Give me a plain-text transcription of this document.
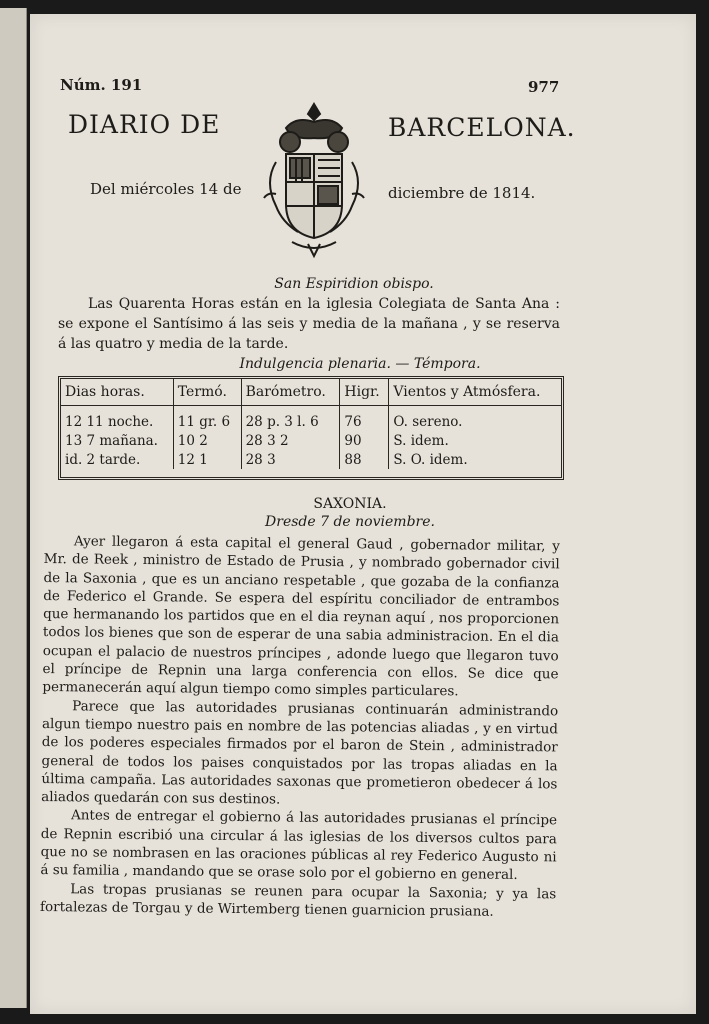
Núm. 191	977
DIARIO DE	BARCELONA.
Del miércoles 14 de	diciembre de 1814.
San Espiridion obispo.
Las Quarenta Horas están en la iglesia Colegiata de Santa Ana : se expone el Santísimo á las seis y media de la mañana , y se reserva á las quatro y media de la tarde.
Indulgencia plenaria. — Témpora.
Dias horas.	Termó.	Barómetro.	Higr.	Vientos y Atmósfera.
12 11 noche.	11 gr. 6	28 p. 3 l. 6	76	O. sereno.
13 7 mañana.	10 2	28 3 2	90	S. idem.
id. 2 tarde.	12 1	28 3	88	S. O. idem.
SAXONIA.
Dresde 7 de noviembre.

Ayer llegaron á esta capital el general Gaud , gobernador militar, y Mr. de Reek , ministro de Estado de Prusia , y nombrado gobernador civil de la Saxonia , que es un anciano respetable , que gozaba de la confianza de Federico el Grande. Se espera del espíritu conciliador de entrambos que hermanando los partidos que en el dia reynan aquí , nos proporcionen todos los bienes que son de esperar de una sabia administracion. En el dia ocupan el palacio de nuestros príncipes , adonde luego que llegaron tuvo el príncipe de Repnin una larga conferencia con ellos. Se dice que permanecerán aquí algun tiempo como simples particulares.

Parece que las autoridades prusianas continuarán administrando algun tiempo nuestro pais en nombre de las potencias aliadas , y en virtud de los poderes especiales firmados por el baron de Stein , administrador general de todos los paises conquistados por las tropas aliadas en la última campaña. Las autoridades saxonas que prometieron obedecer á los aliados quedarán con sus destinos.

Antes de entregar el gobierno á las autoridades prusianas el príncipe de Repnin escribió una circular á las iglesias de los diversos cultos para que no se nombrasen en las oraciones públicas al rey Federico Augusto ni á su familia , mandando que se orase solo por el gobierno en general.

Las tropas prusianas se reunen para ocupar la Saxonia; y ya las fortalezas de Torgau y de Wirtemberg tienen guarnicion prusiana.
